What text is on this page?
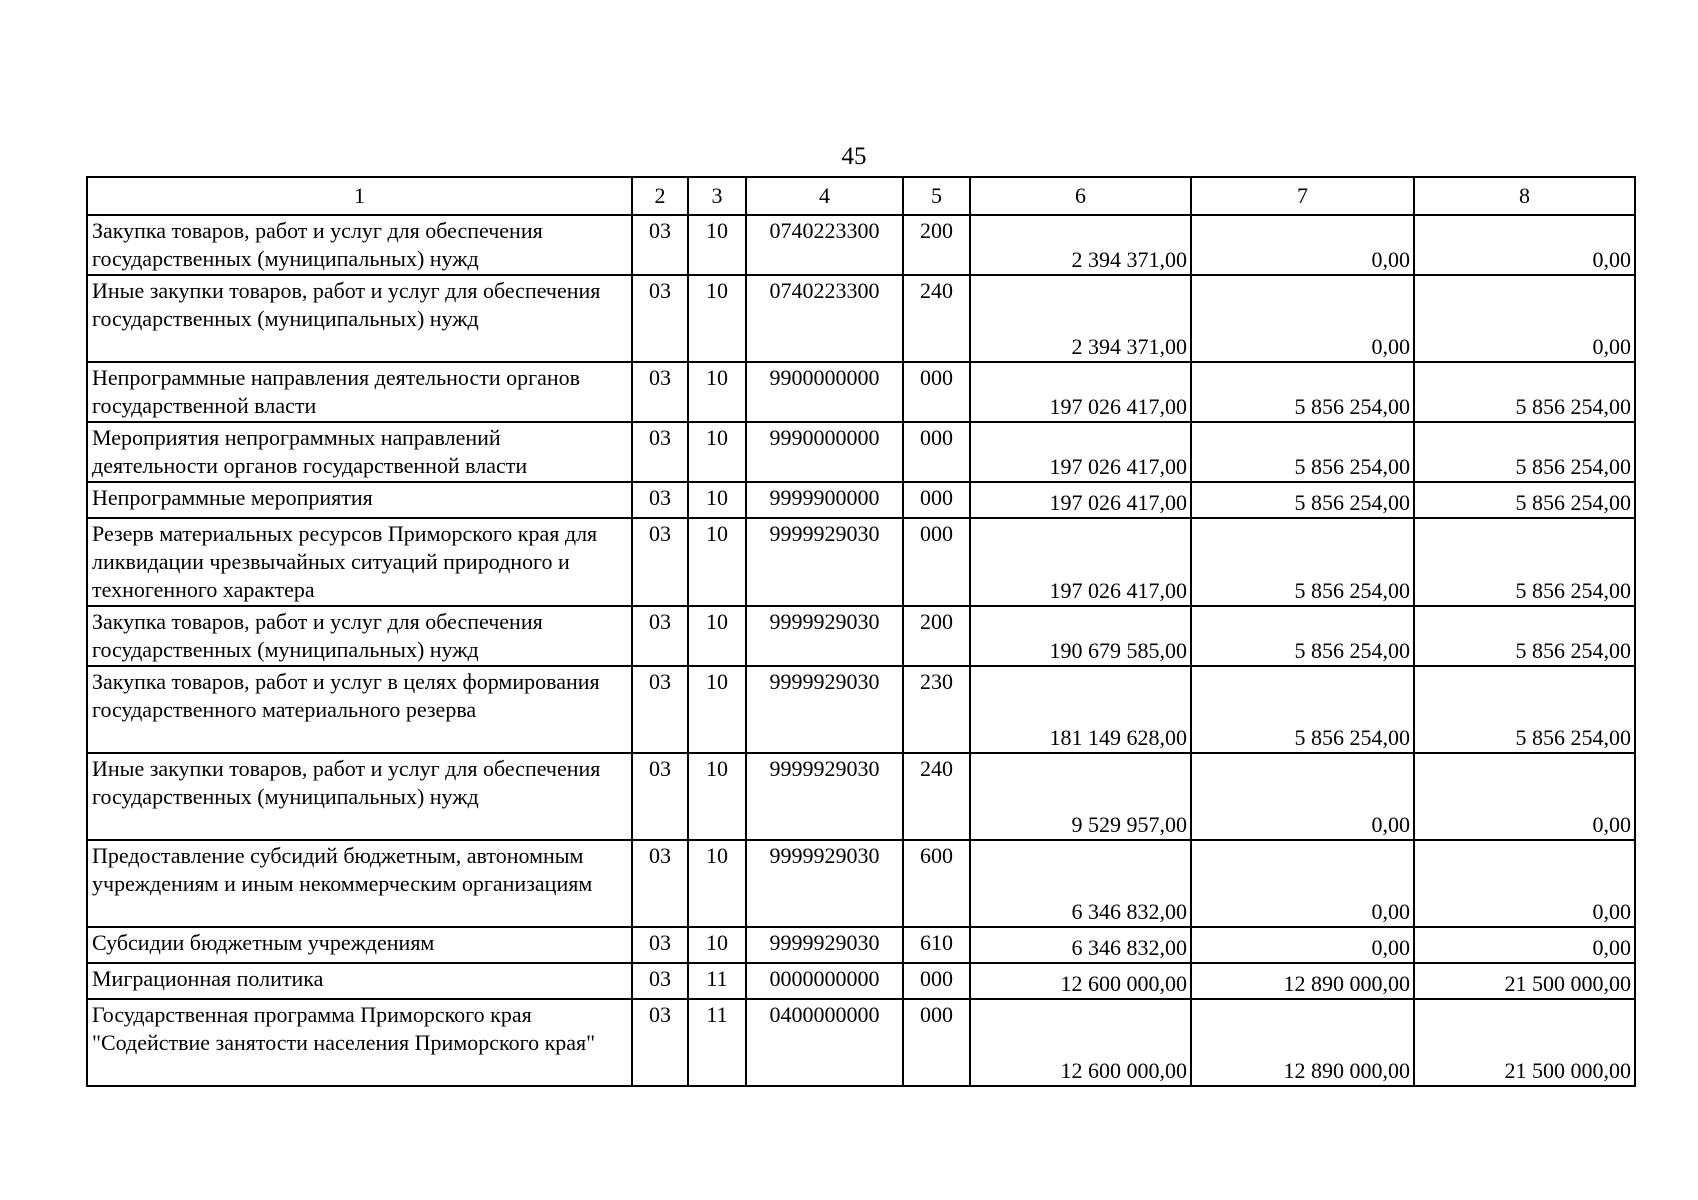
45
1	2	3	4	5	6	7	8
Закупка товаров, работ и услуг для обеспечения государственных (муниципальных) нужд	03	10	0740223300	200	2 394 371,00	0,00	0,00
Иные закупки товаров, работ и услуг для обеспечения государственных (муниципальных) нужд	03	10	0740223300	240	2 394 371,00	0,00	0,00
Непрограммные направления деятельности органов государственной власти	03	10	9900000000	000	197 026 417,00	5 856 254,00	5 856 254,00
Мероприятия непрограммных направлений деятельности органов государственной власти	03	10	9990000000	000	197 026 417,00	5 856 254,00	5 856 254,00
Непрограммные мероприятия	03	10	9999900000	000	197 026 417,00	5 856 254,00	5 856 254,00
Резерв материальных ресурсов Приморского края для ликвидации чрезвычайных ситуаций природного и техногенного характера	03	10	9999929030	000	197 026 417,00	5 856 254,00	5 856 254,00
Закупка товаров, работ и услуг для обеспечения государственных (муниципальных) нужд	03	10	9999929030	200	190 679 585,00	5 856 254,00	5 856 254,00
Закупка товаров, работ и услуг в целях формирования государственного материального резерва	03	10	9999929030	230	181 149 628,00	5 856 254,00	5 856 254,00
Иные закупки товаров, работ и услуг для обеспечения государственных (муниципальных) нужд	03	10	9999929030	240	9 529 957,00	0,00	0,00
Предоставление субсидий бюджетным, автономным учреждениям и иным некоммерческим организациям	03	10	9999929030	600	6 346 832,00	0,00	0,00
Субсидии бюджетным учреждениям	03	10	9999929030	610	6 346 832,00	0,00	0,00
Миграционная политика	03	11	0000000000	000	12 600 000,00	12 890 000,00	21 500 000,00
Государственная программа Приморского края "Содействие занятости населения Приморского края"	03	11	0400000000	000	12 600 000,00	12 890 000,00	21 500 000,00
